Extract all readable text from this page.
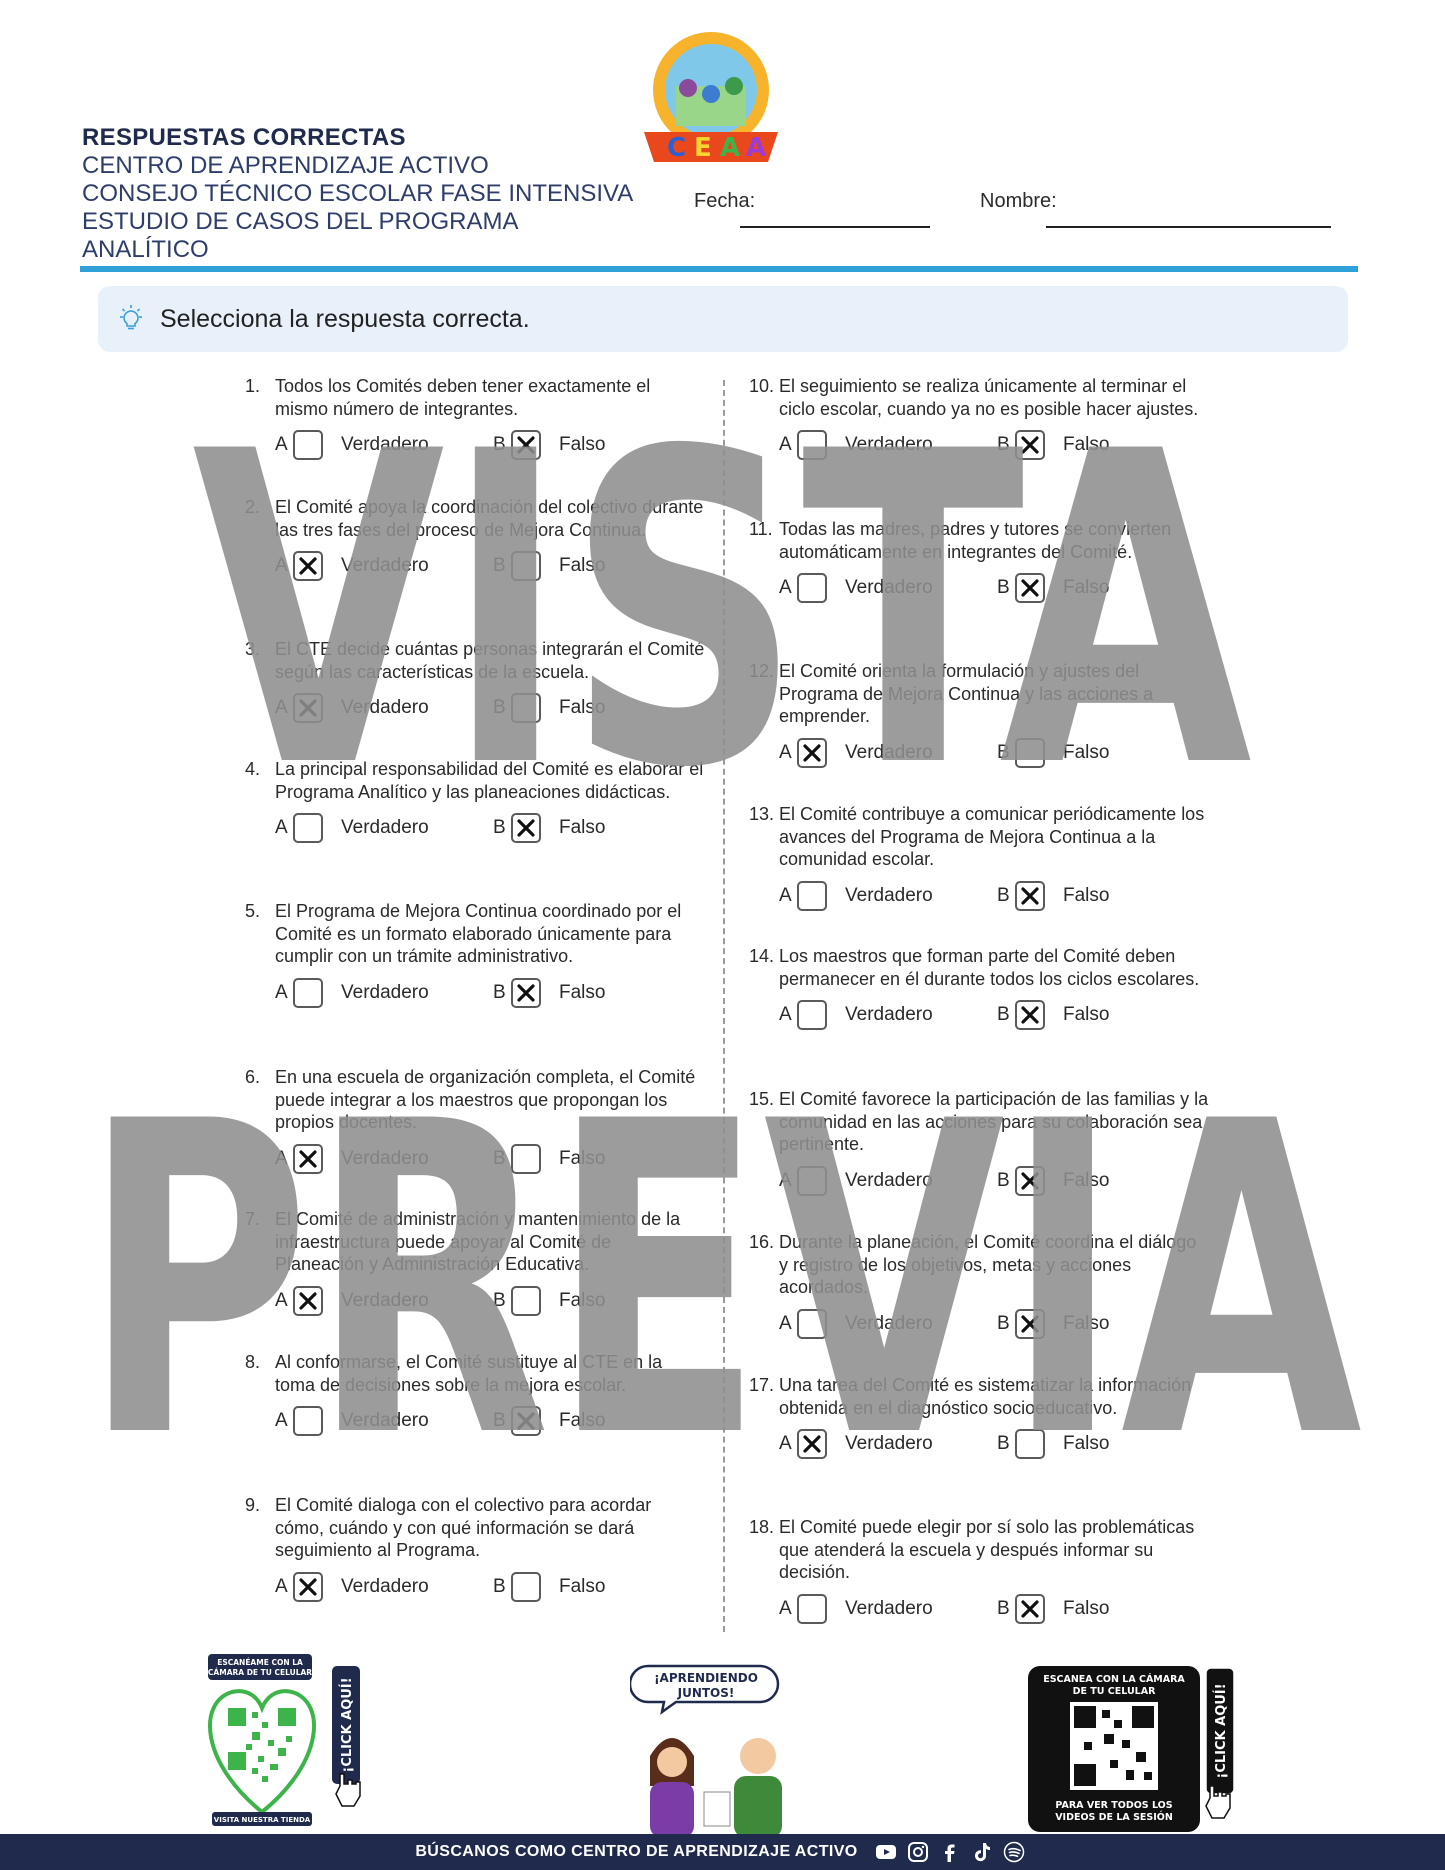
RESPUESTAS CORRECTAS
CENTRO DE APRENDIZAJE ACTIVO
CONSEJO TÉCNICO ESCOLAR FASE INTENSIVA
ESTUDIO DE CASOS DEL PROGRAMA
ANALÍTICO
C E A A
Fecha:	Nombre:
Selecciona la respuesta correcta.
1. Todos los Comités deben tener exactamente el mismo número de integrantes.
A	Verdadero	B	Falso
2. El Comité apoya la coordinación del colectivo durante las tres fases del proceso de Mejora Continua.
A	Verdadero	B	Falso
3. El CTE decide cuántas personas integrarán el Comité según las características de la escuela.
A	Verdadero	B	Falso
4. La principal responsabilidad del Comité es elaborar el Programa Analítico y las planeaciones didácticas.
A	Verdadero	B	Falso
5. El Programa de Mejora Continua coordinado por el Comité es un formato elaborado únicamente para cumplir con un trámite administrativo.
A	Verdadero	B	Falso
6. En una escuela de organización completa, el Comité puede integrar a los maestros que propongan los propios docentes.
A	Verdadero	B	Falso
7. El Comité de administración y mantenimiento de la infraestructura puede apoyar al Comité de Planeación y Administración Educativa.
A	Verdadero	B	Falso
8. Al conformarse, el Comité sustituye al CTE en la toma de decisiones sobre la mejora escolar.
A	Verdadero	B	Falso
9. El Comité dialoga con el colectivo para acordar cómo, cuándo y con qué información se dará seguimiento al Programa.
A	Verdadero	B	Falso
10. El seguimiento se realiza únicamente al terminar el ciclo escolar, cuando ya no es posible hacer ajustes.
A	Verdadero	B	Falso
11. Todas las madres, padres y tutores se convierten automáticamente en integrantes del Comité.
A	Verdadero	B	Falso
12. El Comité orienta la formulación y ajustes del Programa de Mejora Continua y las acciones a emprender.
A	Verdadero	B	Falso
13. El Comité contribuye a comunicar periódicamente los avances del Programa de Mejora Continua a la comunidad escolar.
A	Verdadero	B	Falso
14. Los maestros que forman parte del Comité deben permanecer en él durante todos los ciclos escolares.
A	Verdadero	B	Falso
15. El Comité favorece la participación de las familias y la comunidad en las acciones para su colaboración sea pertinente.
A	Verdadero	B	Falso
16. Durante la planeación, el Comité coordina el diálogo y registro de los objetivos, metas y acciones acordados.
A	Verdadero	B	Falso
17. Una tarea del Comité es sistematizar la información obtenida en el diagnóstico socioeducativo.
A	Verdadero	B	Falso
18. El Comité puede elegir por sí solo las problemáticas que atenderá la escuela y después informar su decisión.
A	Verdadero	B	Falso
ESCANÉAME CON LA
CÁMARA DE TU CELULAR
VISITA NUESTRA TIENDA
¡CLICK AQUÍ!	¡APRENDIENDO
JUNTOS!
ESCANEA CON LA CÁMARA
DE TU CELULAR
PARA VER TODOS LOS
VIDEOS DE LA SESIÓN
¡CLICK AQUÍ!
BÚSCANOS COMO CENTRO DE APRENDIZAJE ACTIVO
VISTA
PREVIA
